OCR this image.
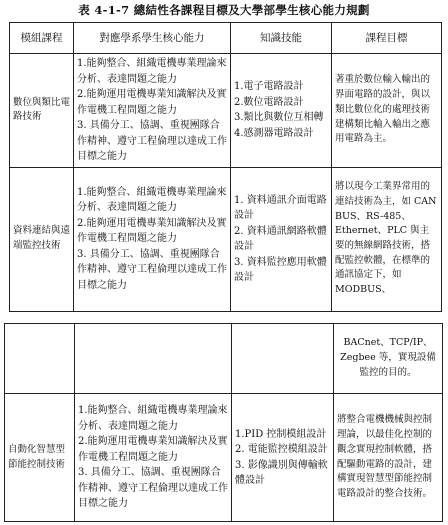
表 4-1-7 總結性各課程目標及大學部學生核心能力規劃
模組課程	對應學系學生核心能力	知識技能	課程目標
數位與類比電路技術	1.能夠整合、組織電機專業理論來分析、表達問題之能力
2.能夠運用電機專業知識解決及實作電機工程問題之能力
3. 具備分工、協調、重視團隊合作精神、遵守工程倫理以達成工作目標之能力	1.電子電路設計
2.數位電路設計
3.類比與數位互相轉
4.感測器電路設計	著重於數位輸入輸出的界面電路的設計，與以類比數位化的處理技術建構類比輸入輸出之應用電路為主。
資料連結與遠端監控技術	1.能夠整合、組織電機專業理論來分析、表達問題之能力
2.能夠運用電機專業知識解決及實作電機工程問題之能力
3. 具備分工、協調、重視團隊合作精神、遵守工程倫理以達成工作目標之能力	1. 資料通訊介面電路設計
2. 資料通訊網路軟體設計
3. 資料監控應用軟體設計	將以現今工業界常用的連結技術為主，如 CAN BUS、RS-485、Ethernet、PLC 與主要的無線網路技術，搭配監控軟體，在標準的通訊協定下，如 MODBUS、
			BACnet、TCP/IP、Zegbee 等，實現設備監控的目的。
自動化智慧型節能控制技術	1.能夠整合、組織電機專業理論來分析、表達問題之能力
2.能夠運用電機專業知識解決及實作電機工程問題之能力
3. 具備分工、協調、重視團隊合作精神、遵守工程倫理以達成工作目標之能力	1.PID 控制模組設計
2. 電能監控模組設計
3. 影像識別與傳輸軟體設計	將整合電機機械與控制理論，以最佳化控制的觀念實現控制軟體，搭配驅動電路的設計，建構實現智慧型節能控制電路設計的整合技術。
